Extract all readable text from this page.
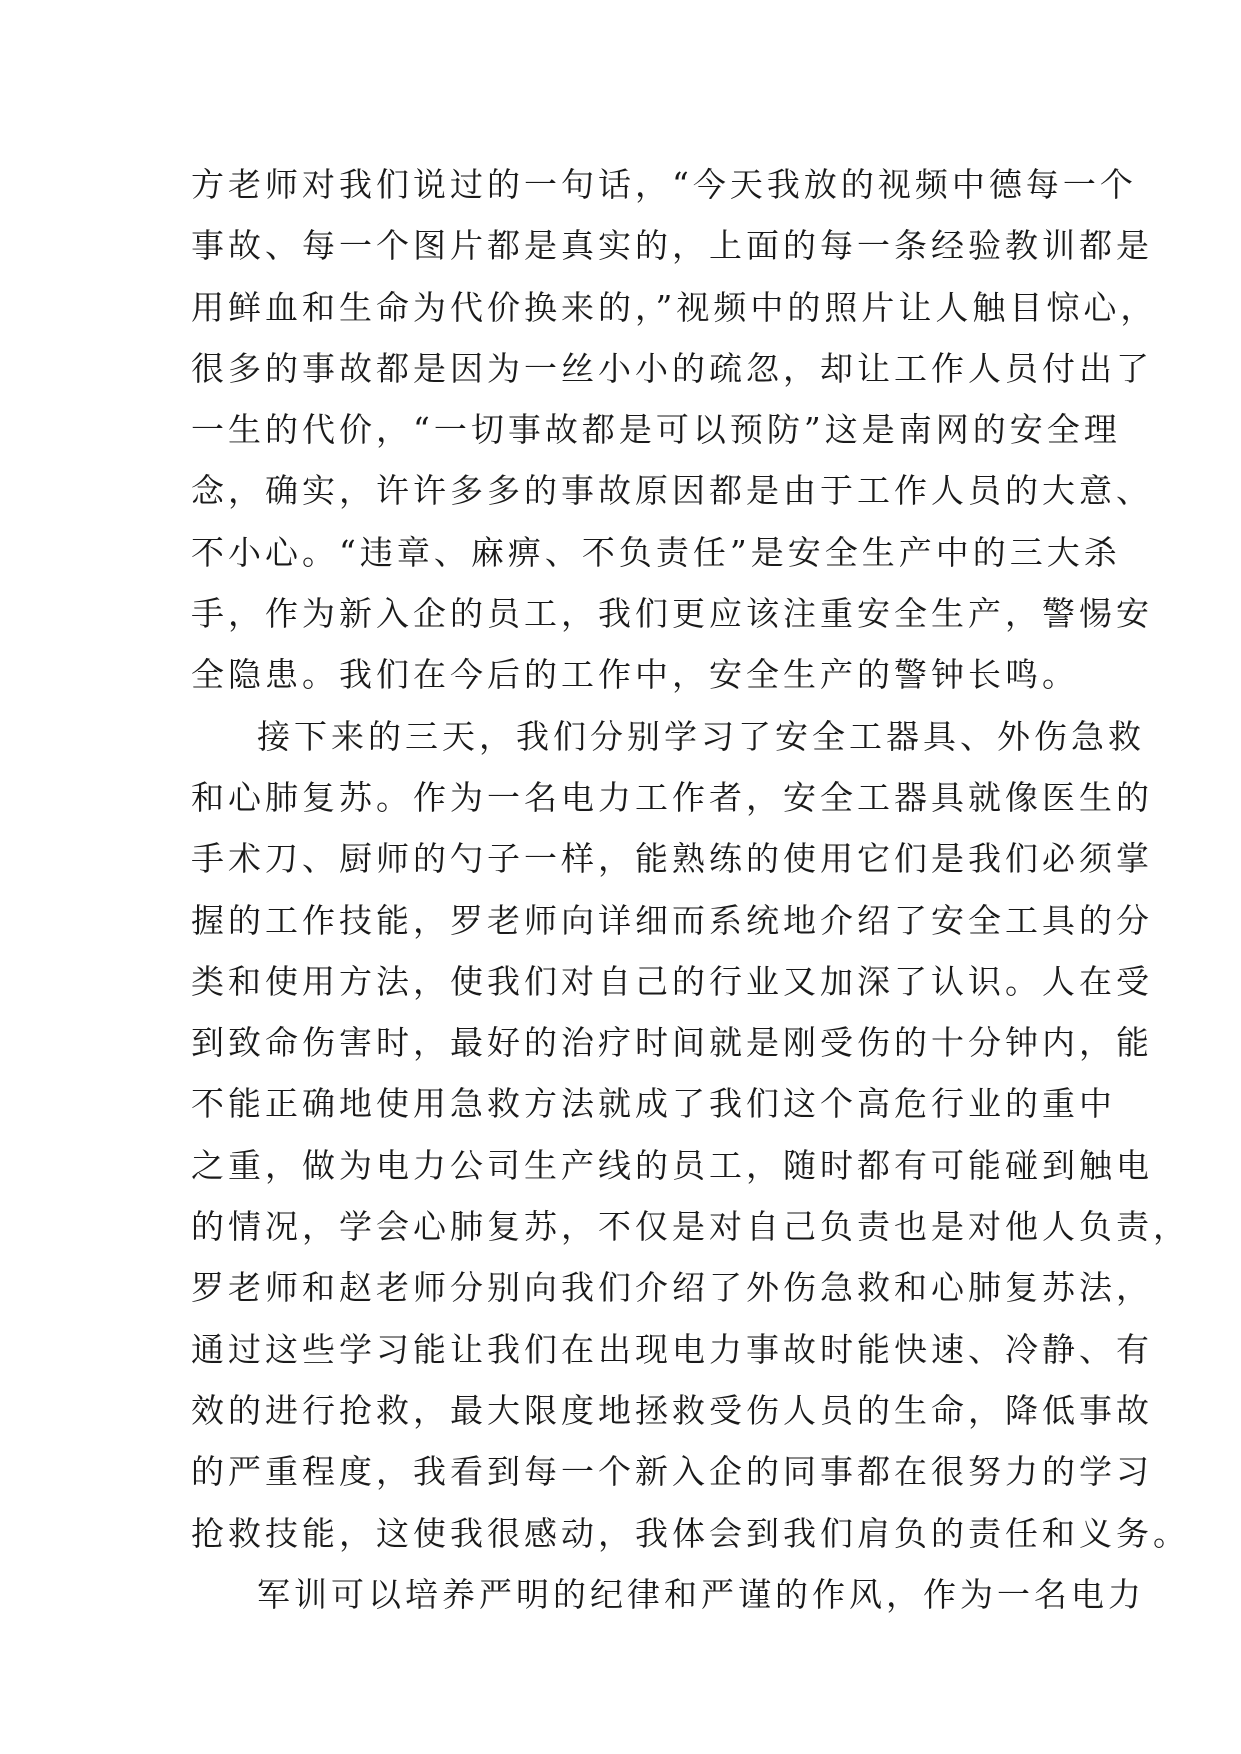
方老师对我们说过的一句话，“今天我放的视频中德每一个
事故、每一个图片都是真实的，上面的每一条经验教训都是
用鲜血和生命为代价换来的，”视频中的照片让人触目惊心，
很多的事故都是因为一丝小小的疏忽，却让工作人员付出了
一生的代价，“一切事故都是可以预防”这是南网的安全理
念，确实，许许多多的事故原因都是由于工作人员的大意、
不小心。“违章、麻痹、不负责任”是安全生产中的三大杀
手，作为新入企的员工，我们更应该注重安全生产，警惕安
全隐患。我们在今后的工作中，安全生产的警钟长鸣。
接下来的三天，我们分别学习了安全工器具、外伤急救
和心肺复苏。作为一名电力工作者，安全工器具就像医生的
手术刀、厨师的勺子一样，能熟练的使用它们是我们必须掌
握的工作技能，罗老师向详细而系统地介绍了安全工具的分
类和使用方法，使我们对自己的行业又加深了认识。人在受
到致命伤害时，最好的治疗时间就是刚受伤的十分钟内，能
不能正确地使用急救方法就成了我们这个高危行业的重中
之重，做为电力公司生产线的员工，随时都有可能碰到触电
的情况，学会心肺复苏，不仅是对自己负责也是对他人负责，
罗老师和赵老师分别向我们介绍了外伤急救和心肺复苏法，
通过这些学习能让我们在出现电力事故时能快速、冷静、有
效的进行抢救，最大限度地拯救受伤人员的生命，降低事故
的严重程度，我看到每一个新入企的同事都在很努力的学习
抢救技能，这使我很感动，我体会到我们肩负的责任和义务。
军训可以培养严明的纪律和严谨的作风，作为一名电力
